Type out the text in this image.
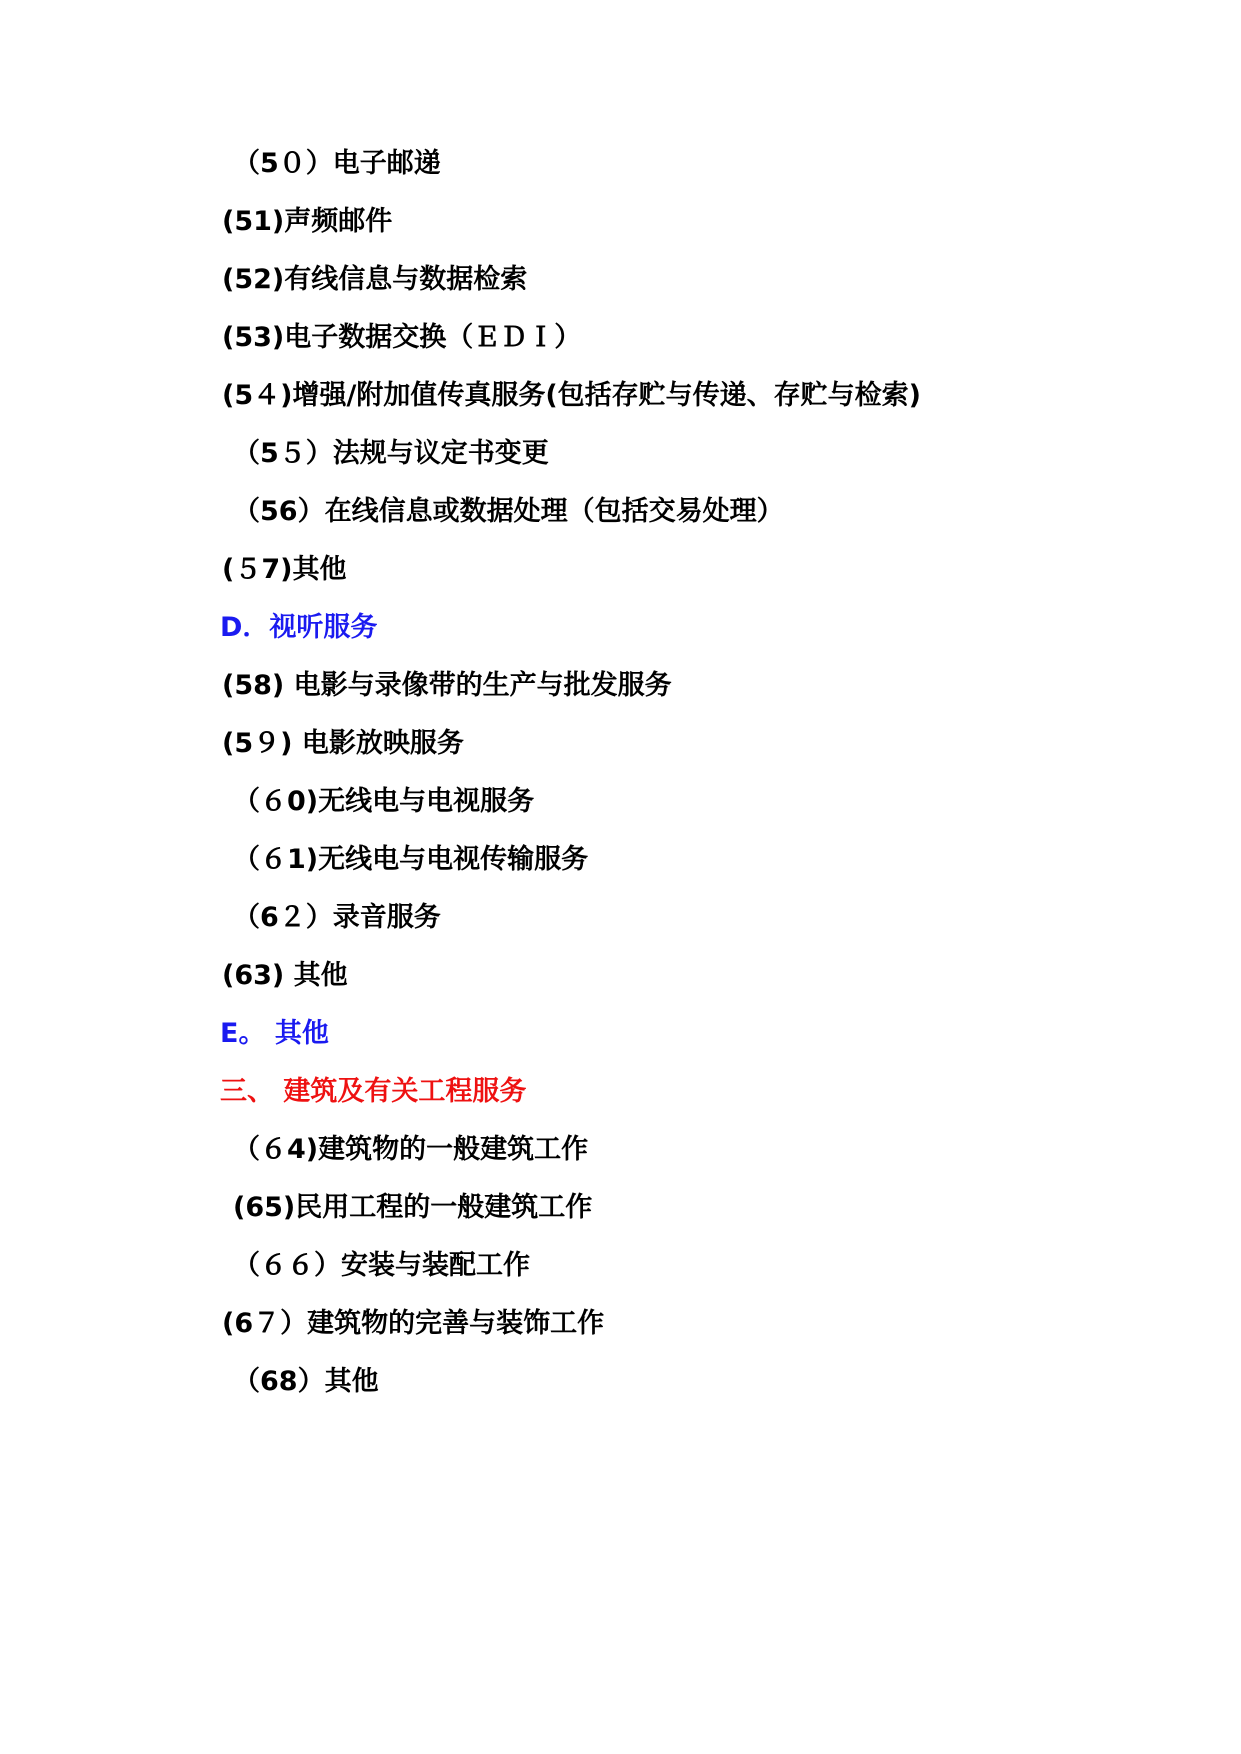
（5０）电子邮递
(51)声频邮件
(52)有线信息与数据检索
(53)电子数据交换（ＥＤＩ）
(5４)增强/附加值传真服务(包括存贮与传递、存贮与检索)
（5５）法规与议定书变更
（56）在线信息或数据处理（包括交易处理）
(５7)其他
D．视听服务
(58) 电影与录像带的生产与批发服务
(5９) 电影放映服务
（６0)无线电与电视服务
（６1)无线电与电视传输服务
（6２）录音服务
(63) 其他
E。 其他
三、 建筑及有关工程服务
（６4)建筑物的一般建筑工作
(65)民用工程的一般建筑工作
（６６）安装与装配工作
(6７）建筑物的完善与装饰工作
（68）其他
